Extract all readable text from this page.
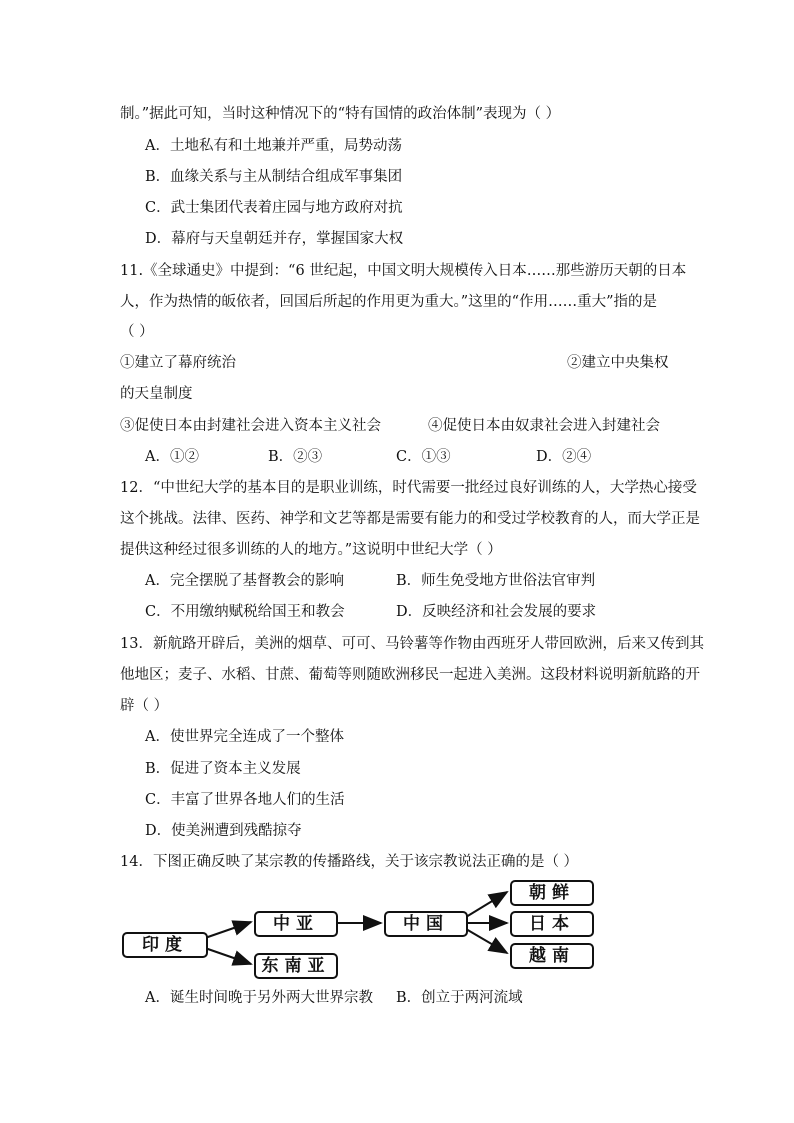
制。”据此可知，当时这种情况下的“特有国情的政治体制”表现为（ ）
A．土地私有和土地兼并严重，局势动荡
B．血缘关系与主从制结合组成军事集团
C．武士集团代表着庄园与地方政府对抗
D．幕府与天皇朝廷并存，掌握国家大权
11.《全球通史》中提到：“6 世纪起，中国文明大规模传入日本……那些游历天朝的日本
人，作为热情的皈依者，回国后所起的作用更为重大。”这里的“作用……重大”指的是
（ ）
①建立了幕府统治	②建立中央集权
的天皇制度
③促使日本由封建社会进入资本主义社会	④促使日本由奴隶社会进入封建社会
A．①②	B．②③	C．①③	D．②④
12．“中世纪大学的基本目的是职业训练，时代需要一批经过良好训练的人，大学热心接受
这个挑战。法律、医药、神学和文艺等都是需要有能力的和受过学校教育的人，而大学正是
提供这种经过很多训练的人的地方。”这说明中世纪大学（ ）
A．完全摆脱了基督教会的影响	B．师生免受地方世俗法官审判
C．不用缴纳赋税给国王和教会	D．反映经济和社会发展的要求
13．新航路开辟后，美洲的烟草、可可、马铃薯等作物由西班牙人带回欧洲，后来又传到其
他地区；麦子、水稻、甘蔗、葡萄等则随欧洲移民一起进入美洲。这段材料说明新航路的开
辟（ ）
A．使世界完全连成了一个整体
B．促进了资本主义发展
C．丰富了世界各地人们的生活
D．使美洲遭到残酷掠夺
14．下图正确反映了某宗教的传播路线，关于该宗教说法正确的是（ ）
印度
中亚
东南亚
中国
朝鲜
日本
越南
A．诞生时间晚于另外两大世界宗教 B．创立于两河流域
